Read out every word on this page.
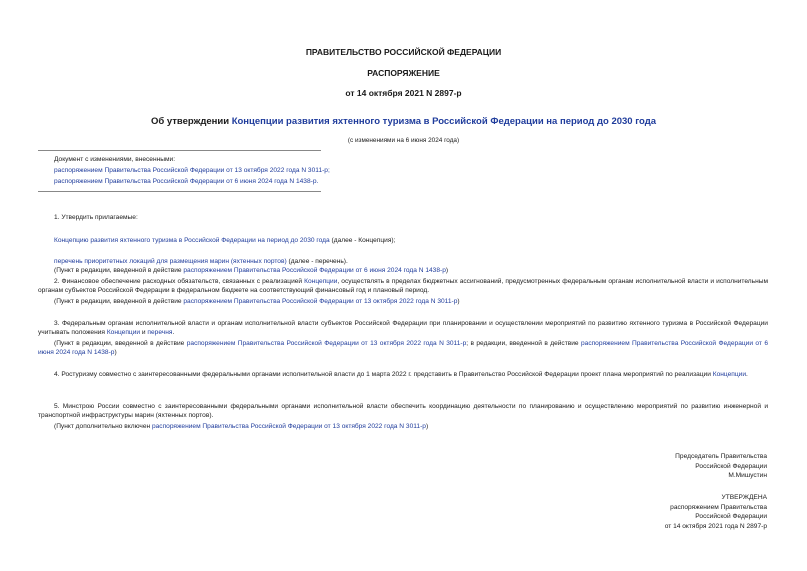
ПРАВИТЕЛЬСТВО РОССИЙСКОЙ ФЕДЕРАЦИИ
РАСПОРЯЖЕНИЕ
от 14 октября 2021 N 2897-р
Об утверждении Концепции развития яхтенного туризма в Российской Федерации на период до 2030 года
(с изменениями на 6 июня 2024 года)
Документ с изменениями, внесенными:
распоряжением Правительства Российской Федерации от 13 октября 2022 года N 3011-р;
распоряжением Правительства Российской Федерации от 6 июня 2024 года N 1438-р.
1. Утвердить прилагаемые:
Концепцию развития яхтенного туризма в Российской Федерации на период до 2030 года (далее - Концепция);
перечень приоритетных локаций для размещения марин (яхтенных портов) (далее - перечень).
(Пункт в редакции, введенной в действие распоряжением Правительства Российской Федерации от 6 июня 2024 года N 1438-р)
2. Финансовое обеспечение расходных обязательств, связанных с реализацией Концепции, осуществлять в пределах бюджетных ассигнований, предусмотренных федеральным органам исполнительной власти и исполнительным органам субъектов Российской Федерации в федеральном бюджете на соответствующий финансовый год и плановый период.
(Пункт в редакции, введенной в действие распоряжением Правительства Российской Федерации от 13 октября 2022 года N 3011-р)
3. Федеральным органам исполнительной власти и органам исполнительной власти субъектов Российской Федерации при планировании и осуществлении мероприятий по развитию яхтенного туризма в Российской Федерации учитывать положения Концепции и перечня.
(Пункт в редакции, введенной в действие распоряжением Правительства Российской Федерации от 13 октября 2022 года N 3011-р; в редакции, введенной в действие распоряжением Правительства Российской Федерации от 6 июня 2024 года N 1438-р)
4. Ростуризму совместно с заинтересованными федеральными органами исполнительной власти до 1 марта 2022 г. представить в Правительство Российской Федерации проект плана мероприятий по реализации Концепции.
5. Минстрою России совместно с заинтересованными федеральными органами исполнительной власти обеспечить координацию деятельности по планированию и осуществлению мероприятий по развитию инженерной и транспортной инфраструктуры марин (яхтенных портов).
(Пункт дополнительно включен распоряжением Правительства Российской Федерации от 13 октября 2022 года N 3011-р)
Председатель Правительства
Российской Федерации
М.Мишустин
УТВЕРЖДЕНА
распоряжением Правительства
Российской Федерации
от 14 октября 2021 года N 2897-р
